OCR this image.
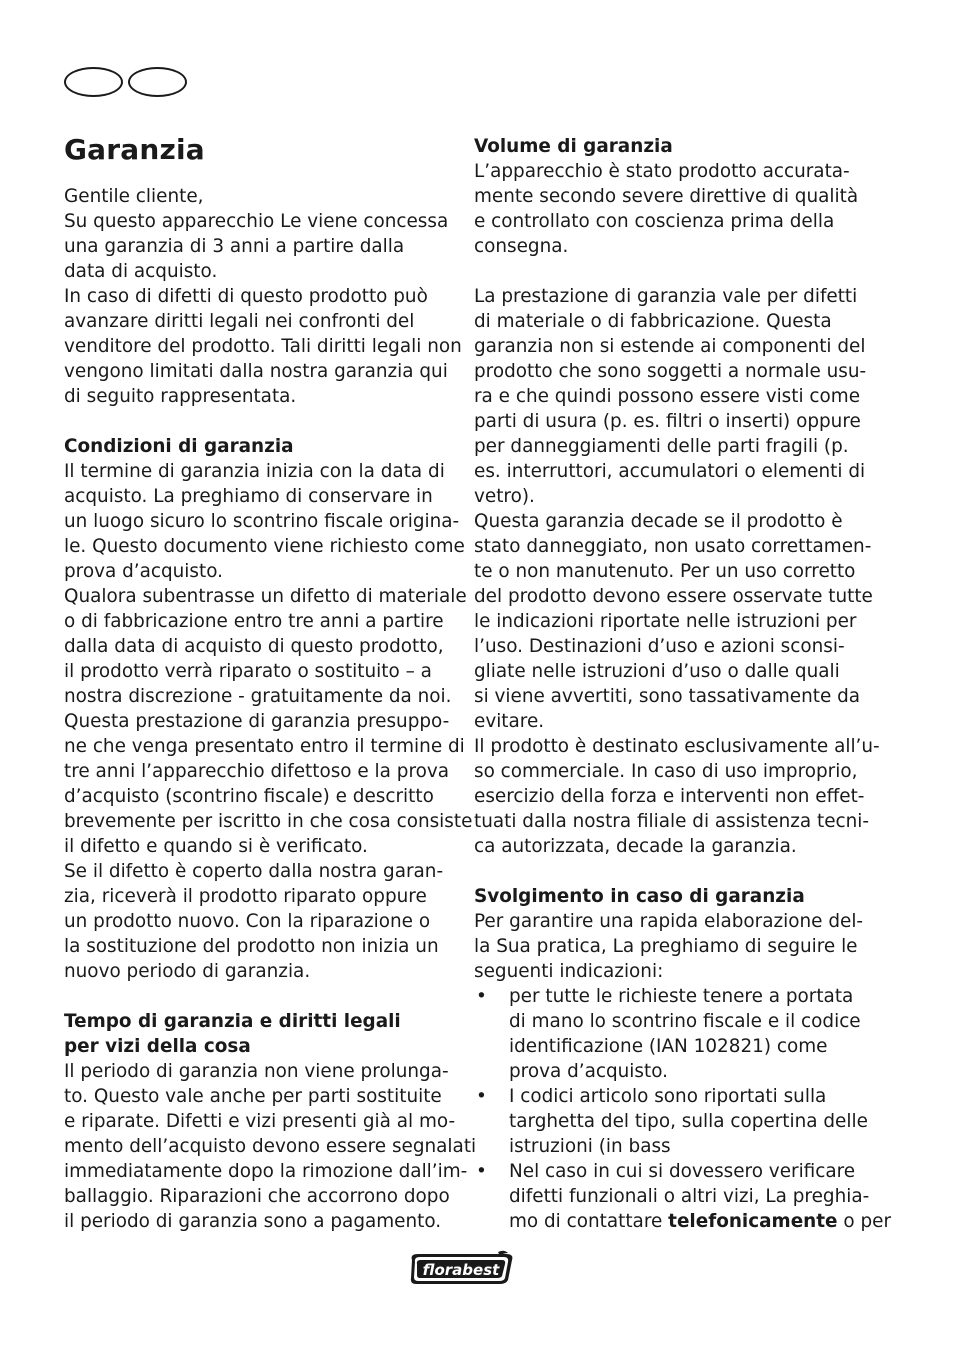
Garanzia
Gentile cliente,
Su questo apparecchio Le viene concessa
una garanzia di 3 anni a partire dalla
data di acquisto.
In caso di difetti di questo prodotto può
avanzare diritti legali nei confronti del
venditore del prodotto. Tali diritti legali non
vengono limitati dalla nostra garanzia qui
di seguito rappresentata.
Condizioni di garanzia
Il termine di garanzia inizia con la data di
acquisto. La preghiamo di conservare in
un luogo sicuro lo scontrino fiscale origina-
le. Questo documento viene richiesto come
prova d’acquisto.
Qualora subentrasse un difetto di materiale
o di fabbricazione entro tre anni a partire
dalla data di acquisto di questo prodotto,
il prodotto verrà riparato o sostituito – a
nostra discrezione - gratuitamente da noi.
Questa prestazione di garanzia presuppo-
ne che venga presentato entro il termine di
tre anni l’apparecchio difettoso e la prova
d’acquisto (scontrino fiscale) e descritto
brevemente per iscritto in che cosa consiste
il difetto e quando si è verificato.
Se il difetto è coperto dalla nostra garan-
zia, riceverà il prodotto riparato oppure
un prodotto nuovo. Con la riparazione o
la sostituzione del prodotto non inizia un
nuovo periodo di garanzia.
Tempo di garanzia e diritti legali
per vizi della cosa
Il periodo di garanzia non viene prolunga-
to. Questo vale anche per parti sostituite
e riparate. Difetti e vizi presenti già al mo-
mento dell’acquisto devono essere segnalati
immediatamente dopo la rimozione dall’im-
ballaggio. Riparazioni che accorrono dopo
il periodo di garanzia sono a pagamento.
Volume di garanzia
L’apparecchio è stato prodotto accurata-
mente secondo severe direttive di qualità
e controllato con coscienza prima della
consegna.
La prestazione di garanzia vale per difetti
di materiale o di fabbricazione. Questa
garanzia non si estende ai componenti del
prodotto che sono soggetti a normale usu-
ra e che quindi possono essere visti come
parti di usura (p. es. filtri o inserti) oppure
per danneggiamenti delle parti fragili (p.
es. interruttori, accumulatori o elementi di
vetro).
Questa garanzia decade se il prodotto è
stato danneggiato, non usato correttamen-
te o non manutenuto. Per un uso corretto
del prodotto devono essere osservate tutte
le indicazioni riportate nelle istruzioni per
l’uso. Destinazioni d’uso e azioni sconsi-
gliate nelle istruzioni d’uso o dalle quali
si viene avvertiti, sono tassativamente da
evitare.
Il prodotto è destinato esclusivamente all’u-
so commerciale. In caso di uso improprio,
esercizio della forza e interventi non effet-
tuati dalla nostra filiale di assistenza tecni-
ca autorizzata, decade la garanzia.
Svolgimento in caso di garanzia
Per garantire una rapida elaborazione del-
la Sua pratica, La preghiamo di seguire le
seguenti indicazioni:
• per tutte le richieste tenere a portata
di mano lo scontrino fiscale e il codice
identificazione (IAN 102821) come
prova d’acquisto.
• I codici articolo sono riportati sulla
targhetta del tipo, sulla copertina delle
istruzioni (in bass
• Nel caso in cui si dovessero verificare
difetti funzionali o altri vizi, La preghia-
mo di contattare telefonicamente o per
florabest
